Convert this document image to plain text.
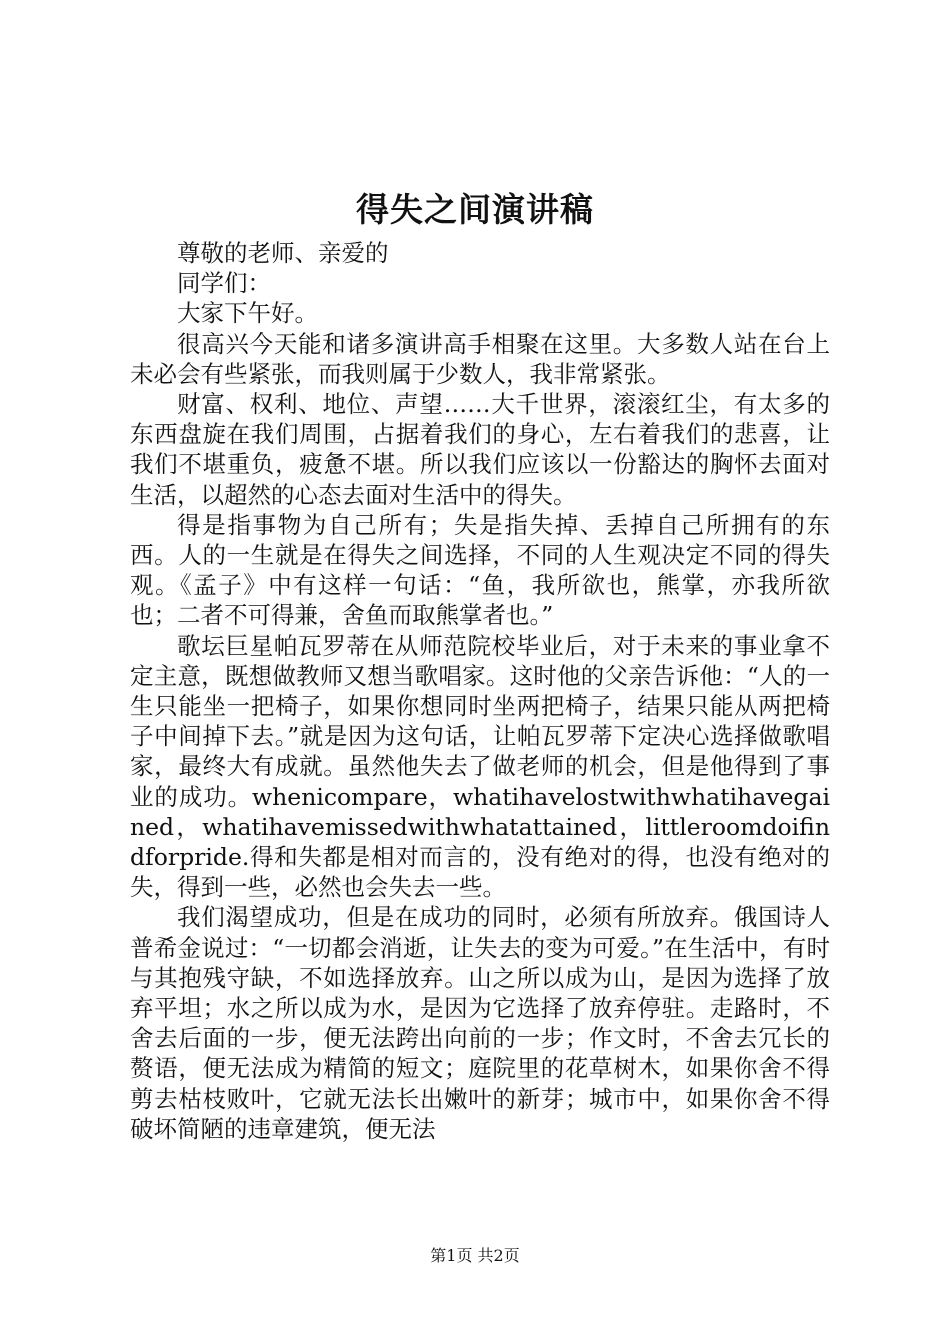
得失之间演讲稿

尊敬的老师、亲爱的

同学们：

大家下午好。

很高兴今天能和诸多演讲高手相聚在这里。大多数人站在台上未必会有些紧张，而我则属于少数人，我非常紧张。

财富、权利、地位、声望……大千世界，滚滚红尘，有太多的东西盘旋在我们周围，占据着我们的身心，左右着我们的悲喜，让我们不堪重负，疲惫不堪。所以我们应该以一份豁达的胸怀去面对生活，以超然的心态去面对生活中的得失。

得是指事物为自己所有；失是指失掉、丢掉自己所拥有的东西。人的一生就是在得失之间选择，不同的人生观决定不同的得失观。《孟子》中有这样一句话：“鱼，我所欲也，熊掌，亦我所欲也；二者不可得兼，舍鱼而取熊掌者也。”

歌坛巨星帕瓦罗蒂在从师范院校毕业后，对于未来的事业拿不定主意，既想做教师又想当歌唱家。这时他的父亲告诉他：“人的一生只能坐一把椅子，如果你想同时坐两把椅子，结果只能从两把椅子中间掉下去。”就是因为这句话，让帕瓦罗蒂下定决心选择做歌唱家，最终大有成就。虽然他失去了做老师的机会，但是他得到了事业的成功。whenicompare，whatihavelostwithwhatihavegained，whatihavemissedwithwhatattained，littleroomdoifindforpride.得和失都是相对而言的，没有绝对的得，也没有绝对的失，得到一些，必然也会失去一些。

我们渴望成功，但是在成功的同时，必须有所放弃。俄国诗人普希金说过：“一切都会消逝，让失去的变为可爱。”在生活中，有时与其抱残守缺，不如选择放弃。山之所以成为山，是因为选择了放弃平坦；水之所以成为水，是因为它选择了放弃停驻。走路时，不舍去后面的一步，便无法跨出向前的一步；作文时，不舍去冗长的赘语，便无法成为精简的短文；庭院里的花草树木，如果你舍不得剪去枯枝败叶，它就无法长出嫩叶的新芽；城市中，如果你舍不得破坏简陋的违章建筑，便无法

第1页 共2页
